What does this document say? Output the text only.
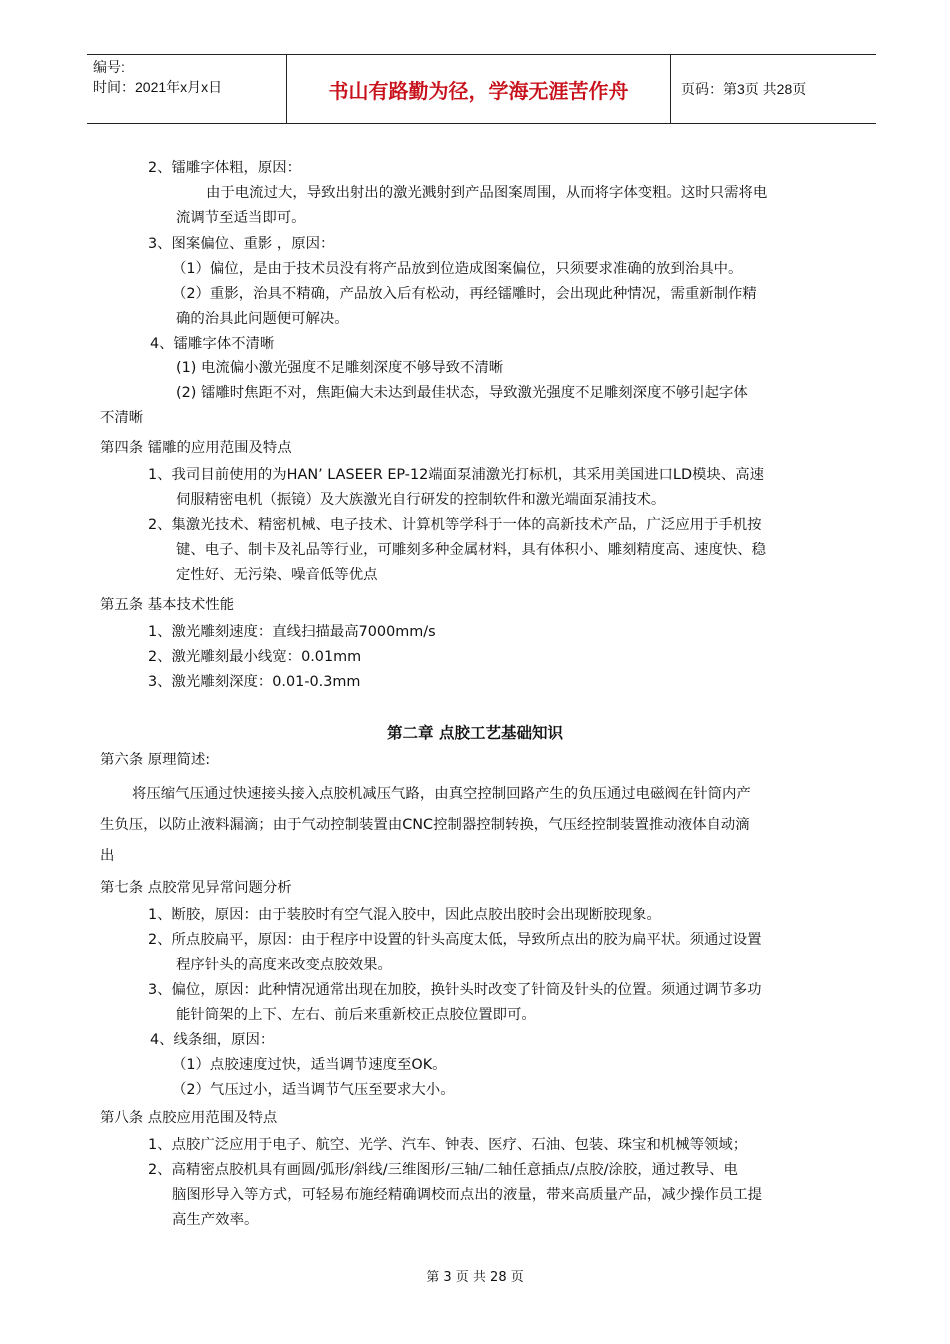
编号:
时间：2021年x月x日	书山有路勤为径，学海无涯苦作舟	页码：第3页 共28页
2、镭雕字体粗，原因：
由于电流过大，导致出射出的激光溅射到产品图案周围，从而将字体变粗。这时只需将电
流调节至适当即可。
3、图案偏位、重影 ，原因：
（1）偏位，是由于技术员没有将产品放到位造成图案偏位，只须要求准确的放到治具中。
（2）重影，治具不精确，产品放入后有松动，再经镭雕时，会出现此种情况，需重新制作精
确的治具此问题便可解决。
4、镭雕字体不清晰
(1) 电流偏小激光强度不足雕刻深度不够导致不清晰
(2) 镭雕时焦距不对，焦距偏大未达到最佳状态，导致激光强度不足雕刻深度不够引起字体
不清晰
第四条 镭雕的应用范围及特点
1、我司目前使用的为HAN’ LASEER EP-12端面泵浦激光打标机，其采用美国进口LD模块、高速
伺服精密电机（振镜）及大族激光自行研发的控制软件和激光端面泵浦技术。
2、集激光技术、精密机械、电子技术、计算机等学科于一体的高新技术产品，广泛应用于手机按
键、电子、制卡及礼品等行业，可雕刻多种金属材料，具有体积小、雕刻精度高、速度快、稳
定性好、无污染、噪音低等优点
第五条 基本技术性能
1、激光雕刻速度：直线扫描最高7000mm/s
2、激光雕刻最小线宽：0.01mm
3、激光雕刻深度：0.01-0.3mm
第二章 点胶工艺基础知识
第六条 原理简述:
将压缩气压通过快速接头接入点胶机减压气路，由真空控制回路产生的负压通过电磁阀在针筒内产
生负压，以防止液料漏滴；由于气动控制装置由CNC控制器控制转换，气压经控制装置推动液体自动滴
出
第七条 点胶常见异常问题分析
1、断胶，原因：由于装胶时有空气混入胶中，因此点胶出胶时会出现断胶现象。
2、所点胶扁平，原因：由于程序中设置的针头高度太低，导致所点出的胶为扁平状。须通过设置
程序针头的高度来改变点胶效果。
3、偏位，原因：此种情况通常出现在加胶，换针头时改变了针筒及针头的位置。须通过调节多功
能针筒架的上下、左右、前后来重新校正点胶位置即可。
4、线条细，原因：
（1）点胶速度过快，适当调节速度至OK。
（2）气压过小，适当调节气压至要求大小。
第八条 点胶应用范围及特点
1、点胶广泛应用于电子、航空、光学、汽车、钟表、医疗、石油、包装、珠宝和机械等领域；
2、高精密点胶机具有画圆/弧形/斜线/三维图形/三轴/二轴任意插点/点胶/涂胶，通过教导、电
脑图形导入等方式，可轻易布施经精确调校而点出的液量，带来高质量产品，减少操作员工提
高生产效率。
第 3 页 共 28 页
